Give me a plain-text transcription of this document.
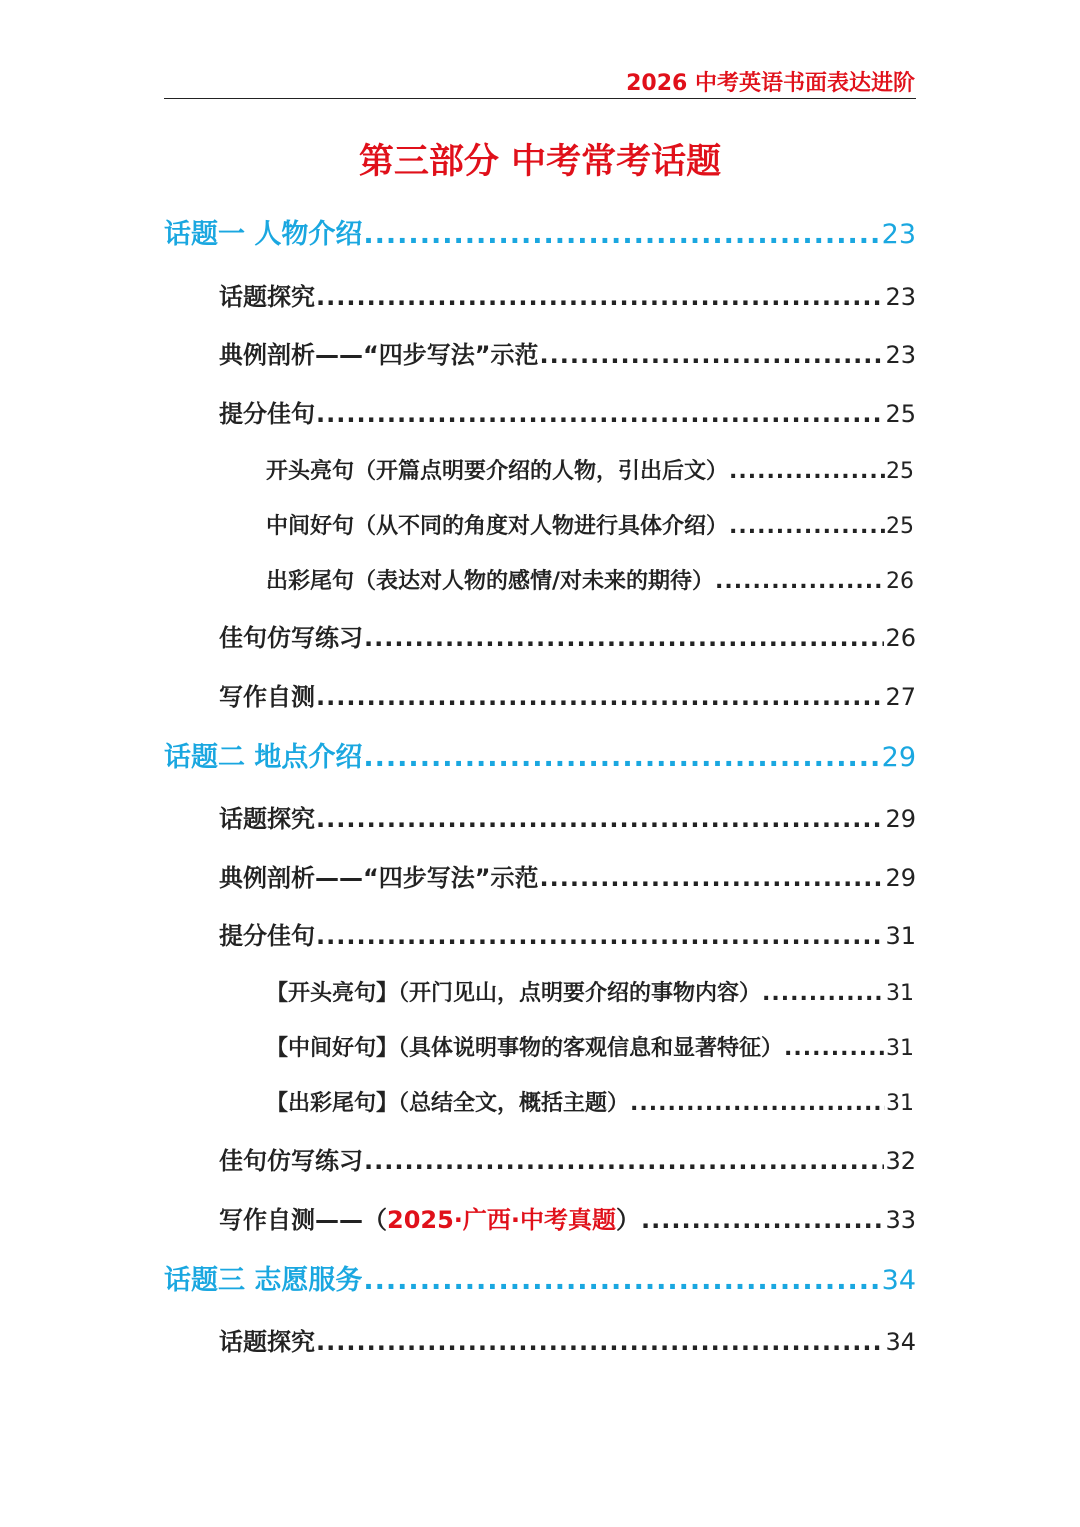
2026 中考英语书面表达进阶
第三部分 中考常考话题
话题一 人物介绍 .....	23
话题探究 .....	23
典例剖析——“四步写法”示范 .....	23
提分佳句 .....	25
开头亮句（开篇点明要介绍的人物，引出后文） .....	25
中间好句（从不同的角度对人物进行具体介绍） .....	25
出彩尾句（表达对人物的感情/对未来的期待） .....	26
佳句仿写练习 .....	26
写作自测 .....	27
话题二 地点介绍 .....	29
话题探究 .....	29
典例剖析——“四步写法”示范 .....	29
提分佳句 .....	31
【开头亮句】（开门见山，点明要介绍的事物内容） .....	31
【中间好句】（具体说明事物的客观信息和显著特征） .....	31
【出彩尾句】（总结全文，概括主题） .....	31
佳句仿写练习 .....	32
写作自测——（2025·广西·中考真题） .....	33
话题三 志愿服务 .....	34
话题探究 .....	34
